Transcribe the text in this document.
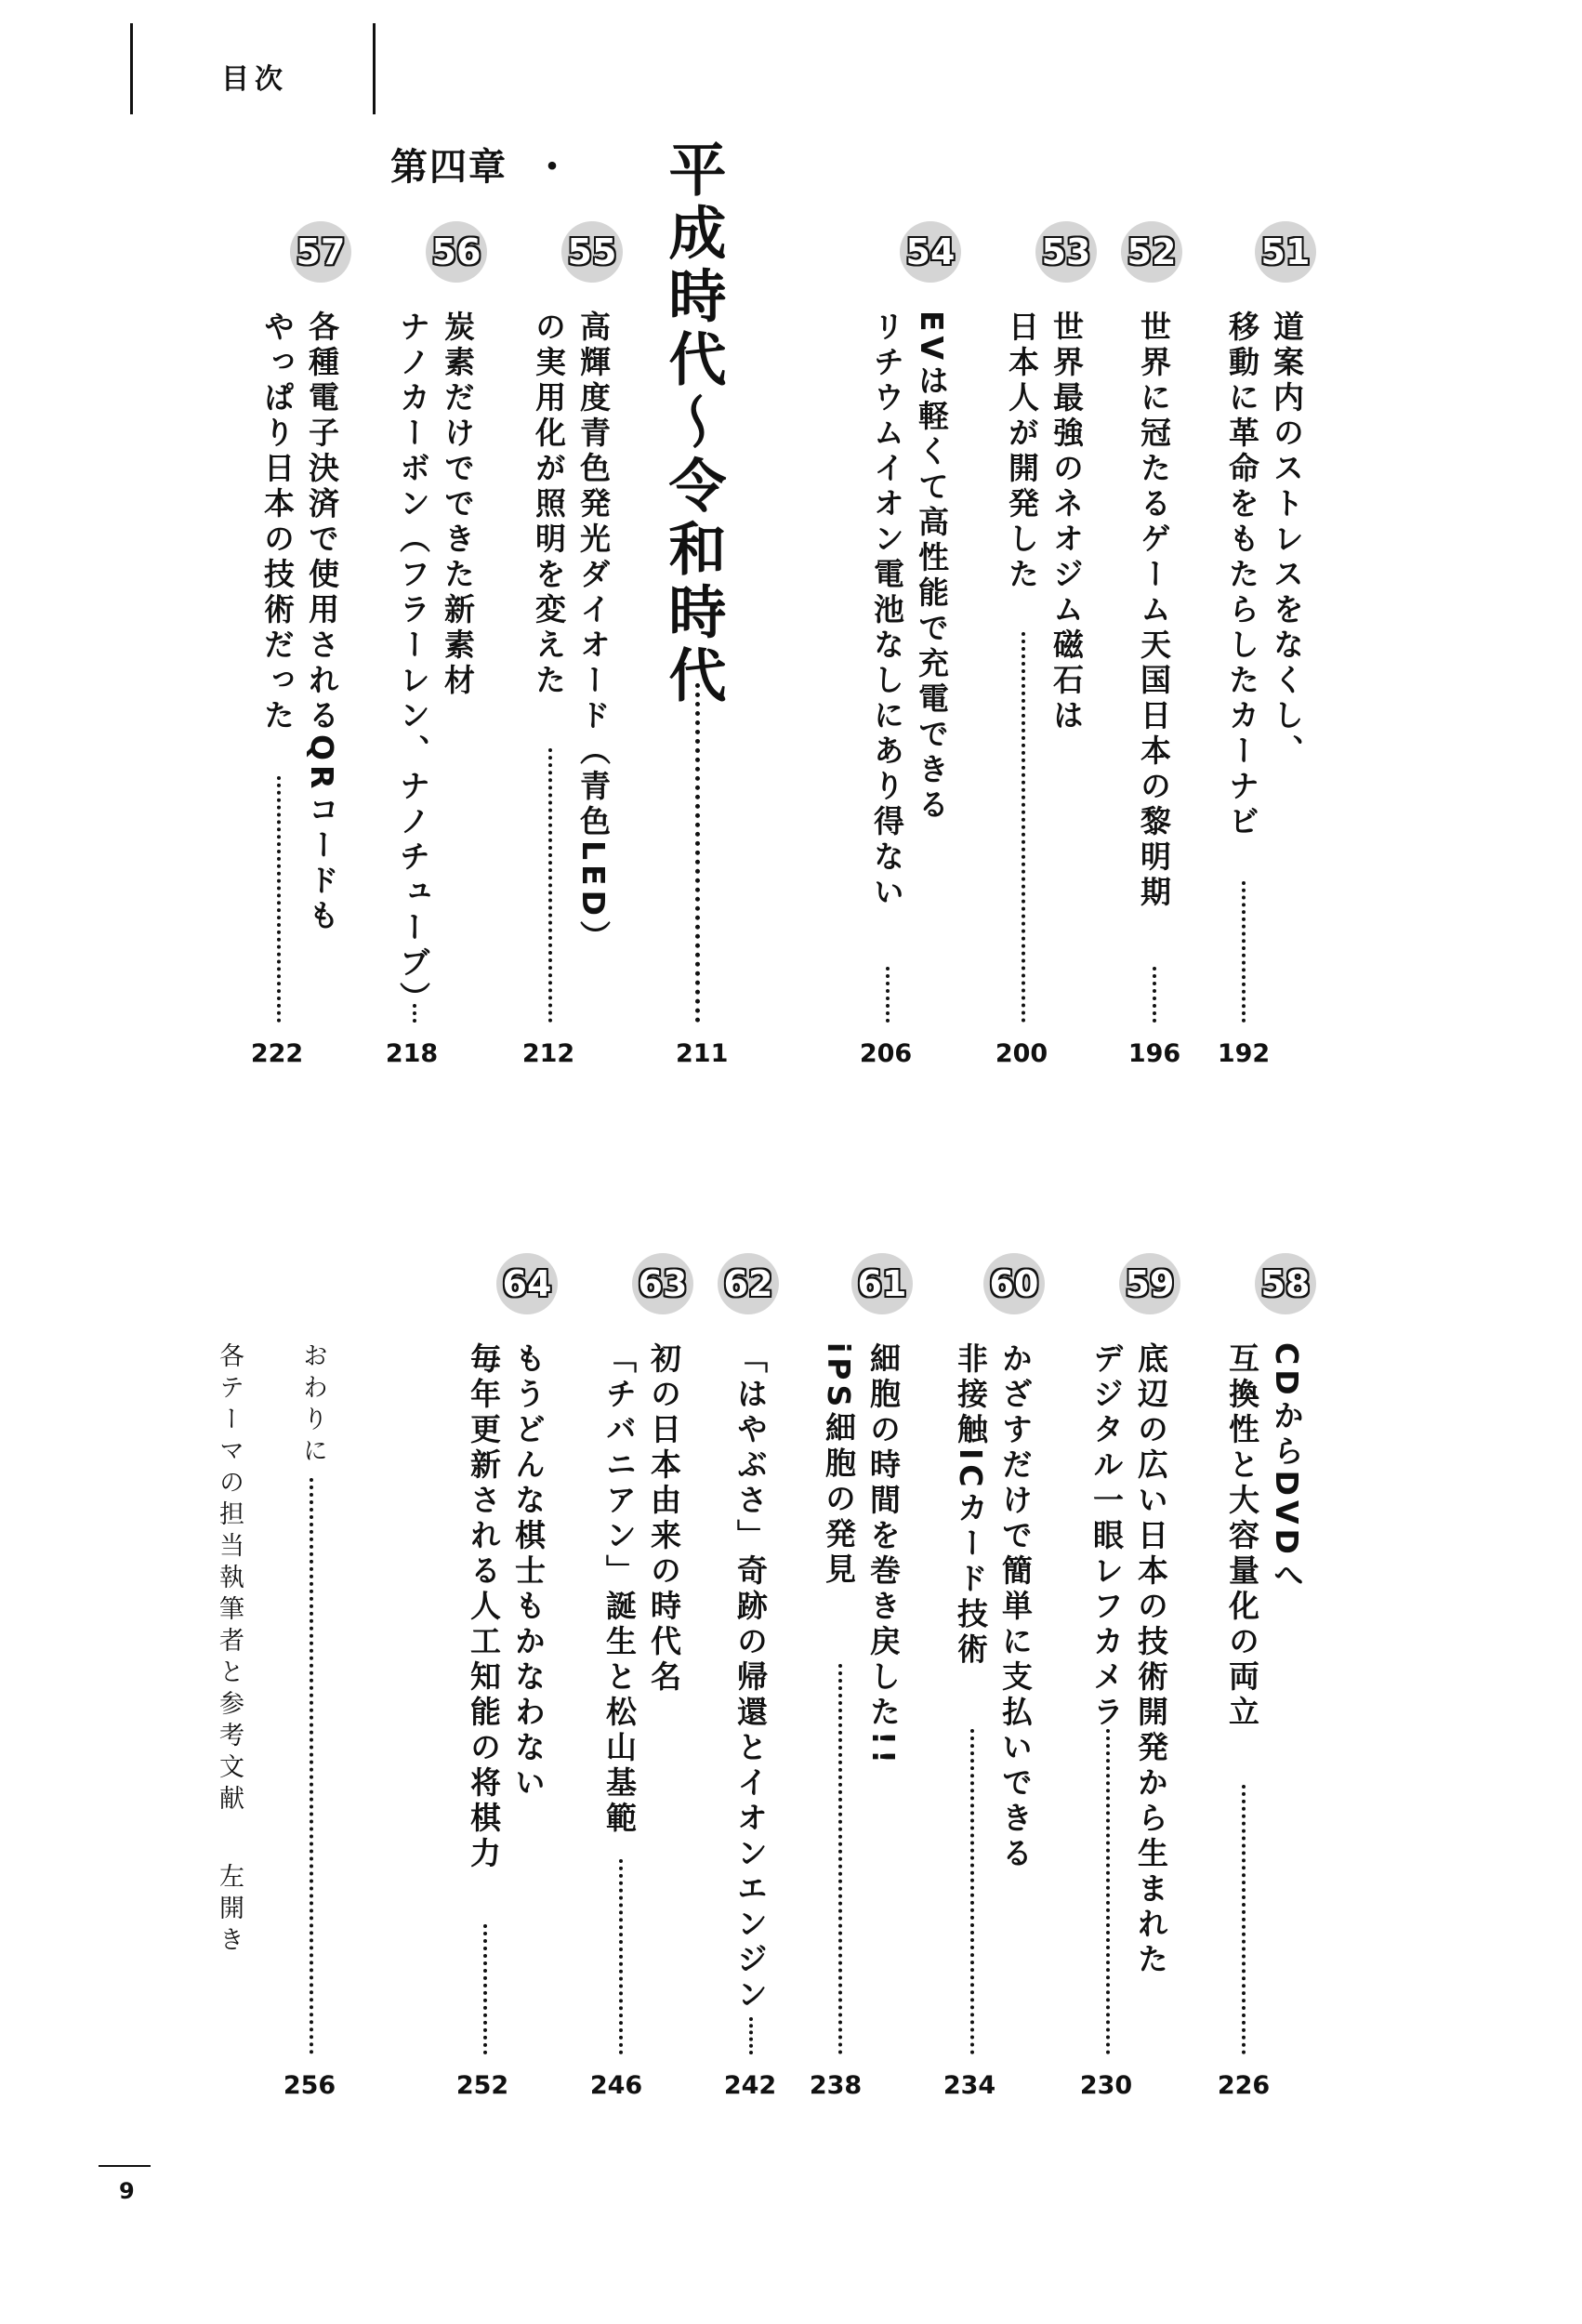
目次
第四章 ・ 平成時代〜令和時代
211
51
道案内のストレスをなくし、
移動に革命をもたらしたカーナビ
192
52
世界に冠たるゲーム天国日本の黎明期
196
53
世界最強のネオジム磁石は
日本人が開発した
200
54
EVは軽くて高性能で充電できる
リチウムイオン電池なしにあり得ない
206
55
高輝度青色発光ダイオード（青色LED）
の実用化が照明を変えた
212
56
炭素だけでできた新素材
ナノカーボン（フラーレン、ナノチューブ）
218
57
各種電子決済で使用されるQRコードも
やっぱり日本の技術だった
222
58
CDからDVDへ
互換性と大容量化の両立
226
59
底辺の広い日本の技術開発から生まれた
デジタル一眼レフカメラ
230
60
かざすだけで簡単に支払いできる
非接触ICカード技術
234
61
細胞の時間を巻き戻した!!
iPS細胞の発見
238
62
「はやぶさ」奇跡の帰還とイオンエンジン
242
63
初の日本由来の時代名
「チバニアン」誕生と松山基範
246
64
もうどんな棋士もかなわない
毎年更新される人工知能の将棋力
252
おわりに
256
各テーマの担当執筆者と参考文献左開き
9
